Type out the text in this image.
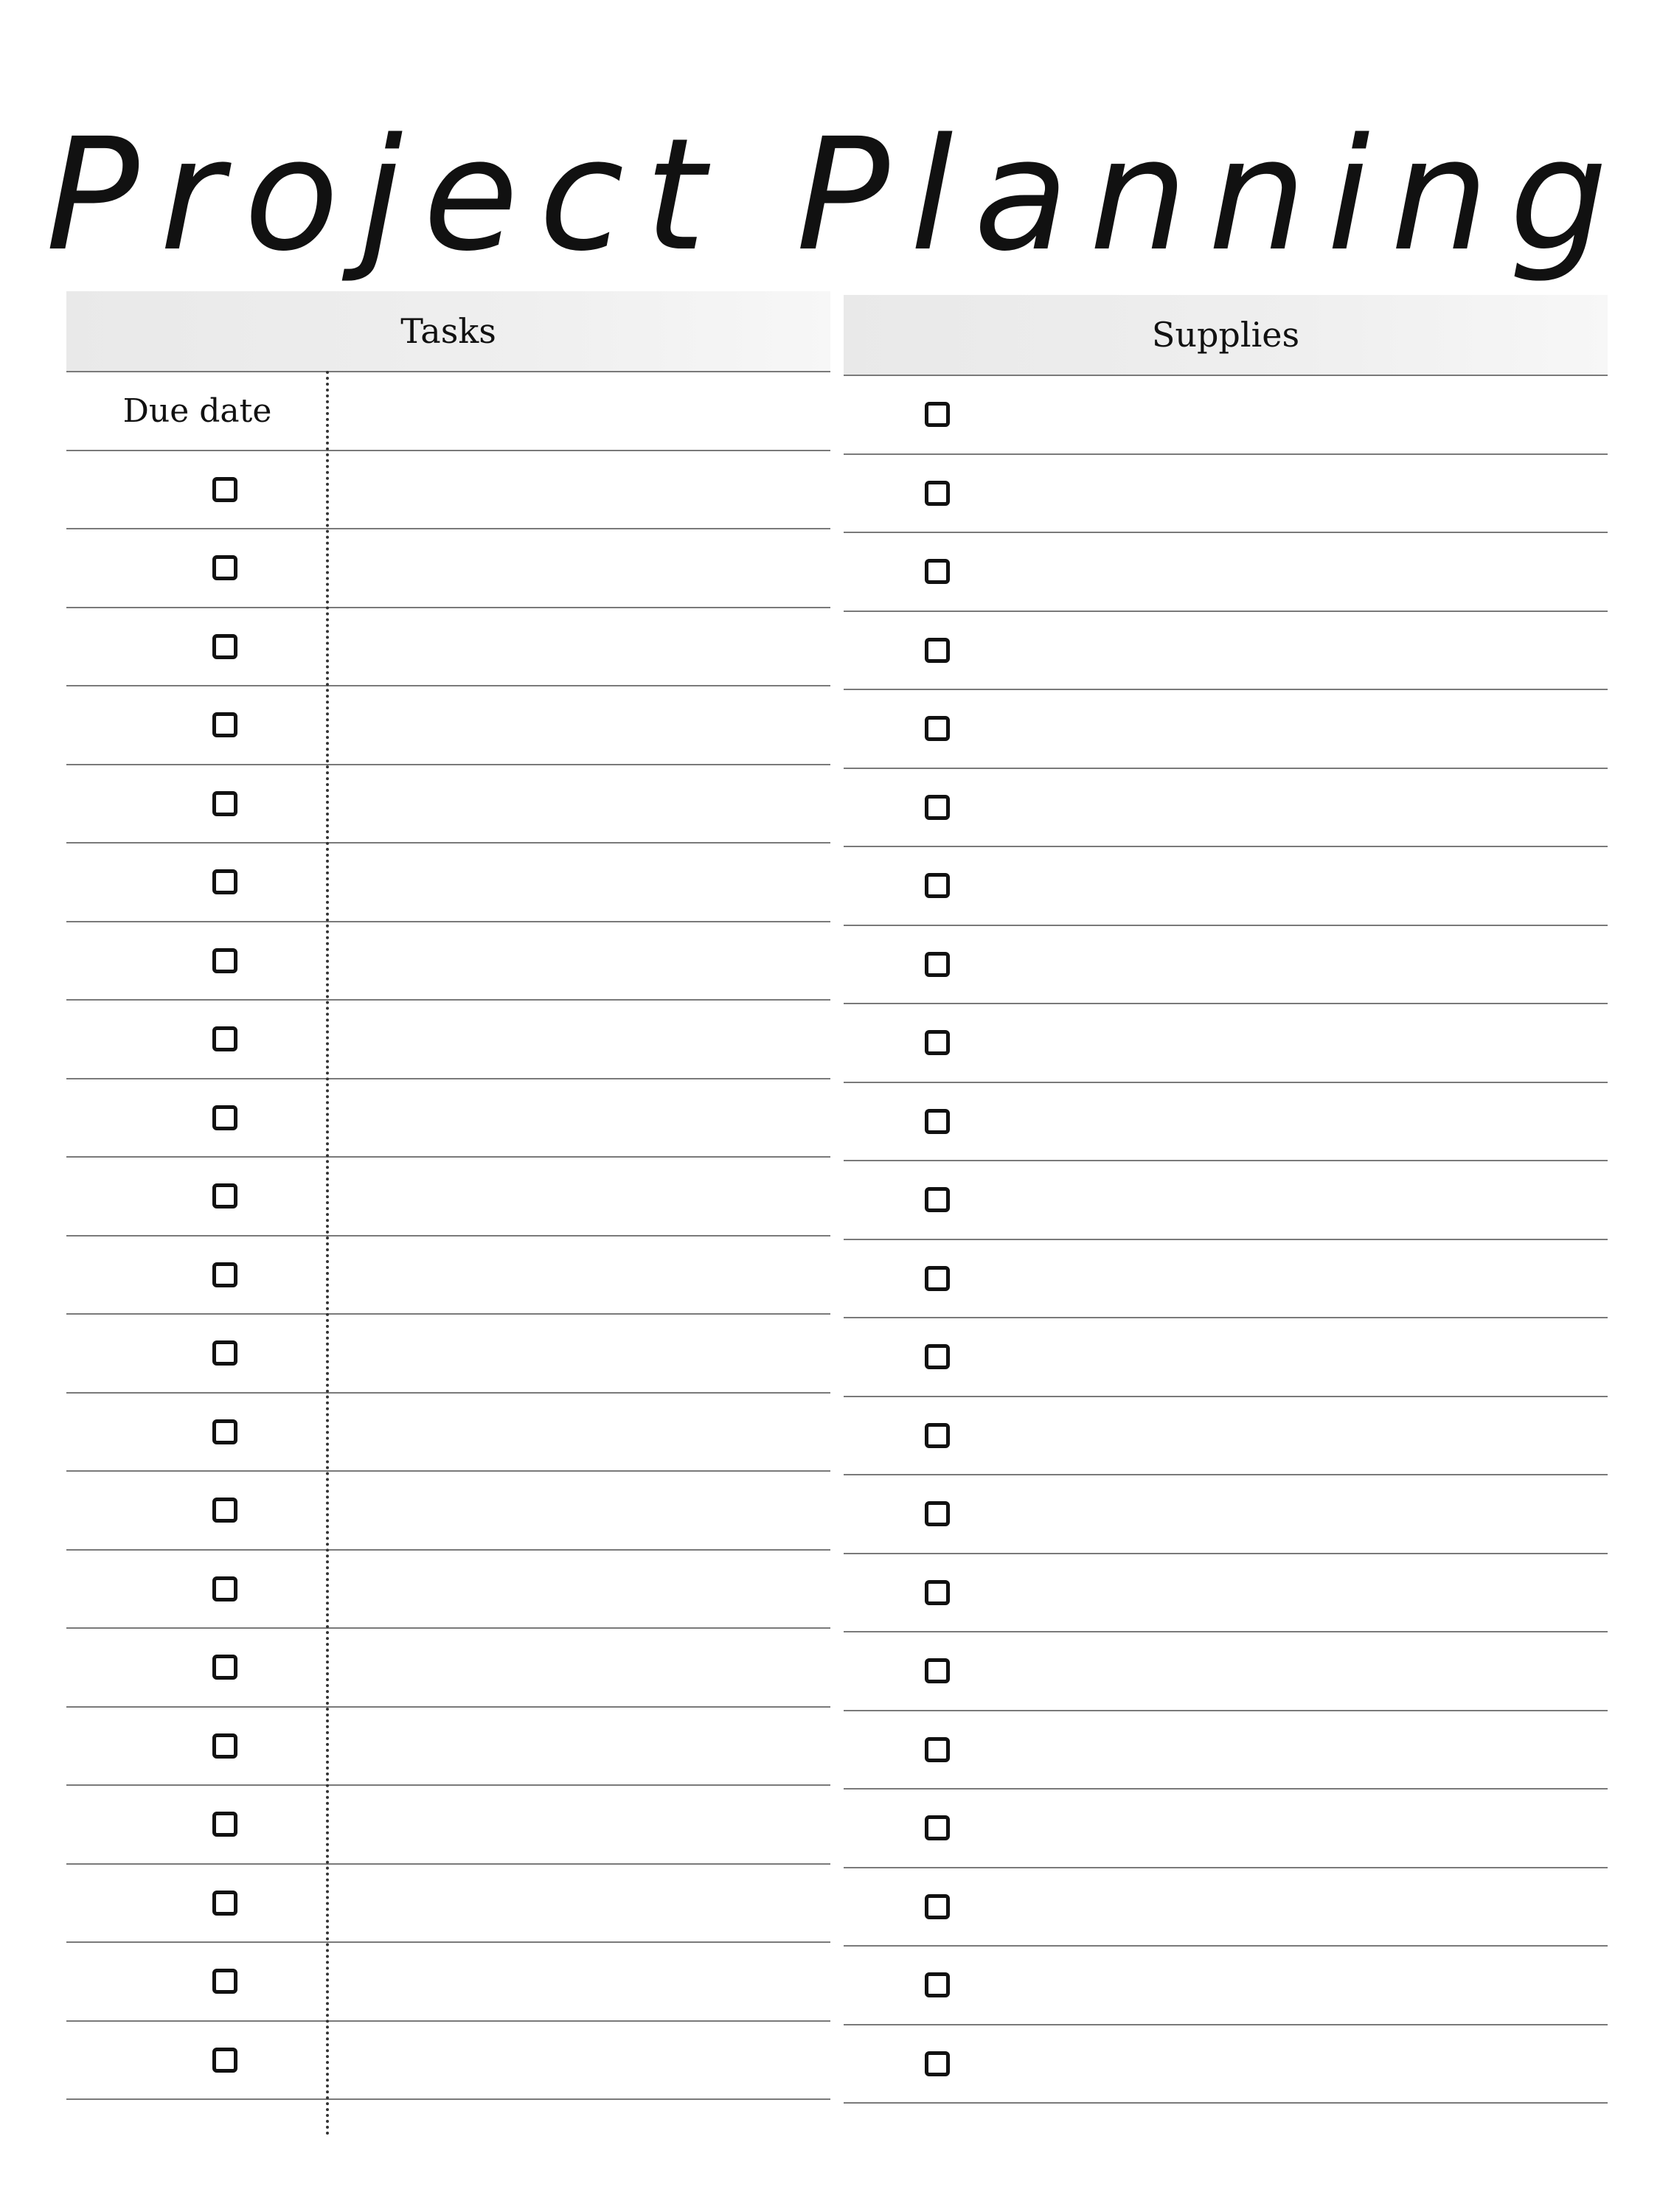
Project Planning
Tasks
Due date
Supplies
